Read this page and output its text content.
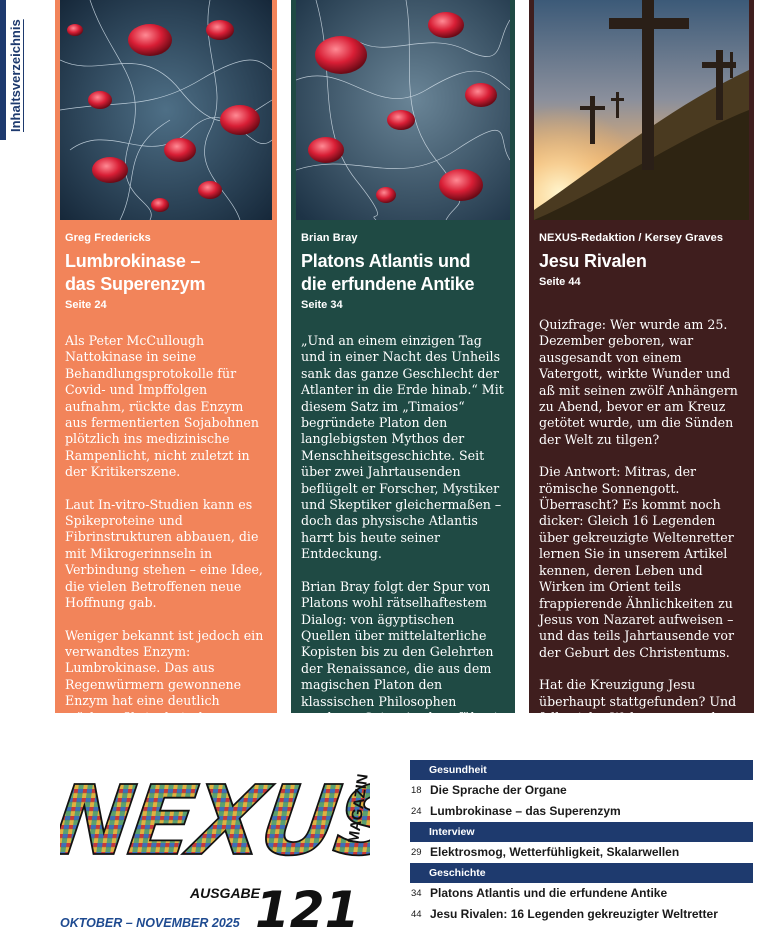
Inhaltsverzeichnis
Greg Fredericks
Lumbrokinase –
das Superenzym
Seite 24

Als Peter McCullough Nattokinase in seine Behandlungsprotokolle für Covid- und Impffolgen aufnahm, rückte das Enzym aus fermentierten Sojabohnen plötzlich ins medizinische Rampenlicht, nicht zuletzt in der Kritikerszene.

Laut In-vitro-Studien kann es Spikeproteine und Fibrinstrukturen abbauen, die mit Mikrogerinnseln in Verbindung stehen – eine Idee, die vielen Betroffenen neue Hoffnung gab.

Weniger bekannt ist jedoch ein verwandtes Enzym: Lumbrokinase. Das aus Regenwürmern gewonnene Enzym hat eine deutlich stärkere fibrinolytische Aktivität und wird in Asien seit Jahren erfolgreich bei Herz-Kreislauf-Erkrankungen eingesetzt.

Brian Bray
Platons Atlantis und
die erfundene Antike
Seite 34

„Und an einem einzigen Tag und in einer Nacht des Unheils sank das ganze Geschlecht der Atlanter in die Erde hinab.“ Mit diesem Satz im „Timaios“ begründete Platon den langlebigsten Mythos der Menschheitsgeschichte. Seit über zwei Jahrtausenden beflügelt er Forscher, Mystiker und Skeptiker gleichermaßen – doch das physische Atlantis harrt bis heute seiner Entdeckung.

Brian Bray folgt der Spur von Platons wohl rätselhaftestem Dialog: von ägyptischen Quellen über mittelalterliche Kopisten bis zu den Gelehrten der Renaissance, die aus dem magischen Platon den klassischen Philosophen machten. Seine Analyse führt in Untiefen, in denen der antike Denker selbst zu versinken droht.

NEXUS-Redaktion / Kersey Graves
Jesu Rivalen
Seite 44

Quizfrage: Wer wurde am 25. Dezember geboren, war ausgesandt von einem Vatergott, wirkte Wunder und aß mit seinen zwölf Anhängern zu Abend, bevor er am Kreuz getötet wurde, um die Sünden der Welt zu tilgen?

Die Antwort: Mitras, der römische Sonnengott. Überrascht? Es kommt noch dicker: Gleich 16 Legenden über gekreuzigte Weltenretter lernen Sie in unserem Artikel kennen, deren Leben und Wirken im Orient teils frappierende Ähnlichkeiten zu Jesus von Nazaret aufweisen – und das teils Jahrtausende vor der Geburt des Christentums.

Hat die Kreuzigung Jesu überhaupt stattgefunden? Und falls nicht: Woher stammt der dahinterliegende Mythos?

NEXUS
MAGAZIN
AUSGABE
121
OKTOBER – NOVEMBER 2025
Gesundheit
18 Die Sprache der Organe
24 Lumbrokinase – das Superenzym
Interview
29 Elektrosmog, Wetterfühligkeit, Skalarwellen
Geschichte
34 Platons Atlantis und die erfundene Antike
44 Jesu Rivalen: 16 Legenden gekreuzigter Weltretter
